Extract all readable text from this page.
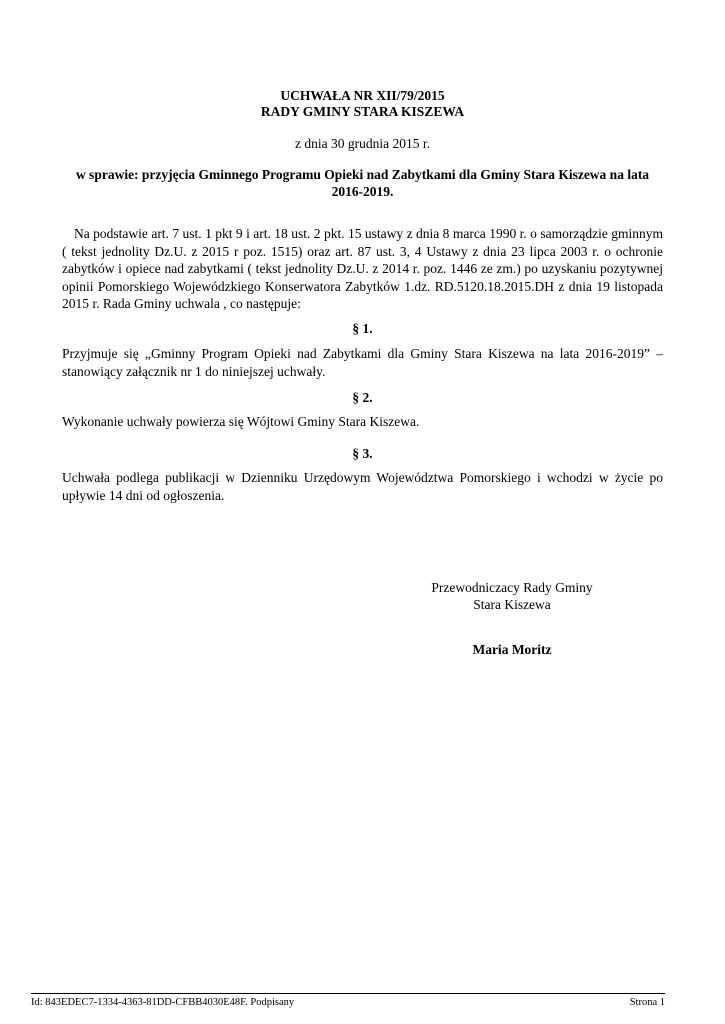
UCHWAŁA NR XII/79/2015
RADY GMINY STARA KISZEWA
z dnia 30 grudnia 2015 r.
w sprawie: przyjęcia Gminnego Programu Opieki nad Zabytkami dla Gminy Stara Kiszewa na lata
2016-2019.
Na podstawie art. 7 ust. 1 pkt 9 i art. 18 ust. 2 pkt. 15 ustawy z dnia 8 marca 1990 r. o samorządzie gminnym
( tekst jednolity Dz.U. z 2015 r poz. 1515) oraz art. 87 ust. 3, 4 Ustawy z dnia 23 lipca 2003 r. o ochronie
zabytków i opiece nad zabytkami ( tekst jednolity Dz.U. z 2014 r. poz. 1446 ze zm.) po uzyskaniu pozytywnej
opinii Pomorskiego Wojewódzkiego Konserwatora Zabytków 1.dz. RD.5120.18.2015.DH z dnia 19 listopada
2015 r. Rada Gminy uchwala , co następuje:
§ 1.
Przyjmuje się „Gminny Program Opieki nad Zabytkami dla Gminy Stara Kiszewa na lata 2016-2019” –
stanowiący załącznik nr 1 do niniejszej uchwały.
§ 2.
Wykonanie uchwały powierza się Wójtowi Gminy Stara Kiszewa.
§ 3.
Uchwała podlega publikacji w Dzienniku Urzędowym Województwa Pomorskiego i wchodzi w życie po
upływie 14 dni od ogłoszenia.
Przewodniczacy Rady Gminy
Stara Kiszewa
Maria Moritz
Id: 843EDEC7-1334-4363-81DD-CFBB4030E48F. Podpisany	Strona 1
